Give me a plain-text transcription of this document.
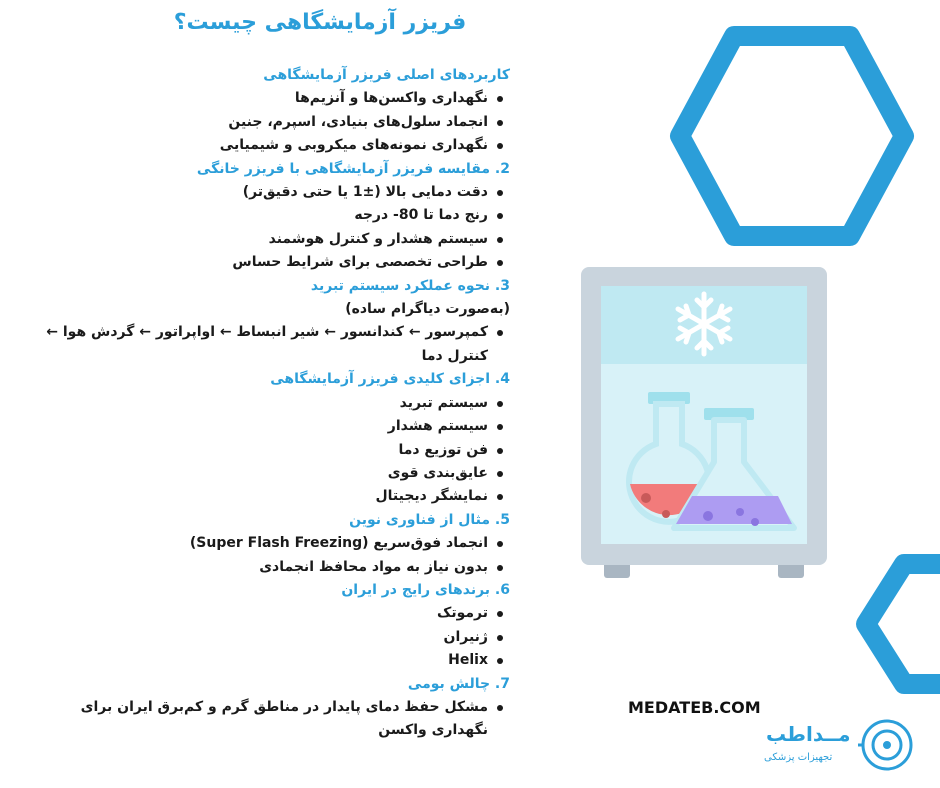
فریزر آزمایشگاهی چیست؟
کاربردهای اصلی فریزر آزمایشگاهی
نگهداری واکسن‌ها و آنزیم‌ها
انجماد سلول‌های بنیادی، اسپرم، جنین
نگهداری نمونه‌های میکروبی و شیمیایی
2. مقایسه فریزر آزمایشگاهی با فریزر خانگی
دقت دمایی بالا (±1 یا حتی دقیق‌تر)
رنج دما تا ‎-80 درجه
سیستم هشدار و کنترل هوشمند
طراحی تخصصی برای شرایط حساس
3. نحوه عملکرد سیستم تبرید
(به‌صورت دیاگرام ساده)
کمپرسور ← کندانسور ← شیر انبساط ← اواپراتور ← گردش هوا ← کنترل دما
4. اجزای کلیدی فریزر آزمایشگاهی
سیستم تبرید
سیستم هشدار
فن توزیع دما
عایق‌بندی قوی
نمایشگر دیجیتال
5. مثال از فناوری نوین
انجماد فوق‌سریع (Super Flash Freezing)
بدون نیاز به مواد محافظ انجمادی
6. برندهای رایج در ایران
ترموتک
ژنیران
Helix
7. چالش بومی
مشکل حفظ دمای پایدار در مناطق گرم و کم‌برق ایران برای نگهداری واکسن
MEDATEB.COM
مــداطب
تجهیزات پزشکی
